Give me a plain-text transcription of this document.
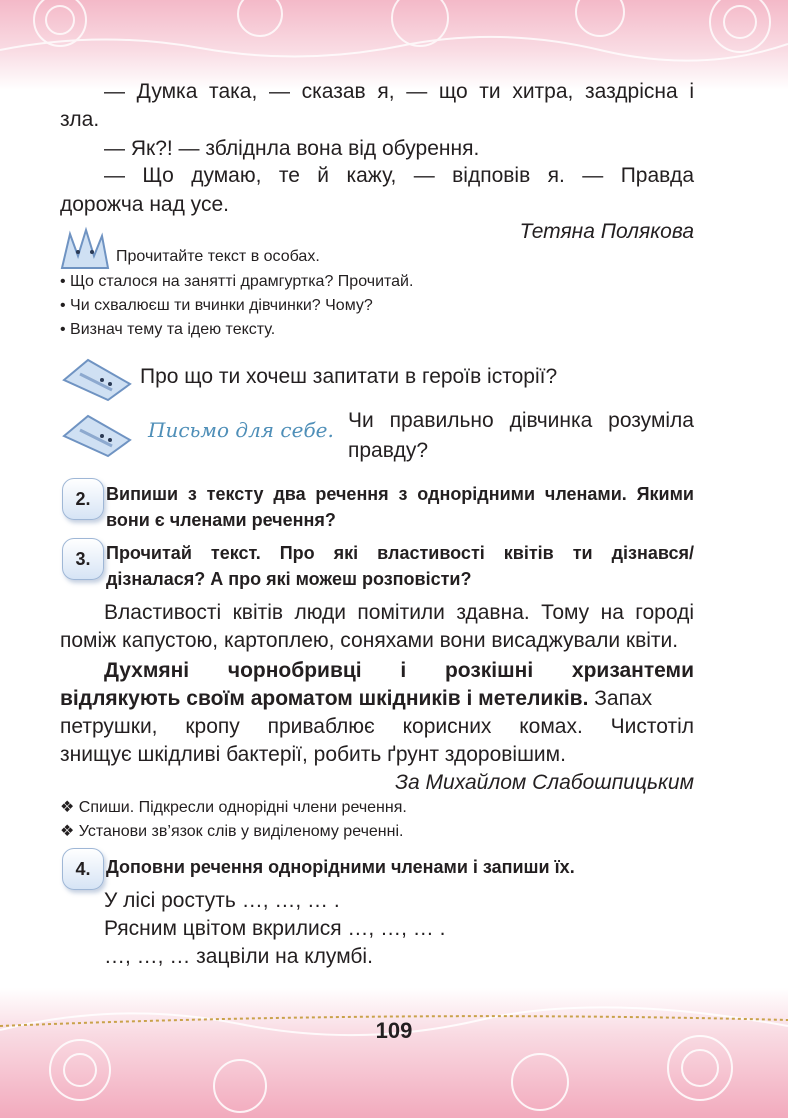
— Думка така, — сказав я, — що ти хитра, заздрісна і

зла.

— Як?! — збліднла вона від обурення.

— Що думаю, те й кажу, — відповів я. — Правда

дорожча над усе.

Тетяна Полякова

Прочитайте текст в особах.

• Що сталося на занятті драмгуртка? Прочитай.

• Чи схвалюєш ти вчинки дівчинки? Чому?

• Визнач тему та ідею тексту.

Про що ти хочеш запитати в героїв історії?

Письмо для себе. Чи правильно дівчинка розуміла

правду?

2. Випиши з тексту два речення з однорідними членами. Якими

вони є членами речення?

3. Прочитай текст. Про які властивості квітів ти дізнався/

дізналася? А про які можеш розповісти?

Властивості квітів люди помітили здавна. Тому на городі

поміж капустою, картоплею, соняхами вони висаджували квіти.

Духмяні чорнобривці і розкішні хризантеми

відлякують своїм ароматом шкідників і метеликів. Запах

петрушки, кропу приваблює корисних комах. Чистотіл

знищує шкідливі бактерії, робить ґрунт здоровішим.

За Михайлом Слабошпицьким

❖ Спиши. Підкресли однорідні члени речення.

❖ Установи зв’язок слів у виділеному реченні.

4. Доповни речення однорідними членами і запиши їх.

У лісі ростуть …, …, … .

Рясним цвітом вкрилися …, …, … .

…, …, … зацвіли на клумбі.

109
